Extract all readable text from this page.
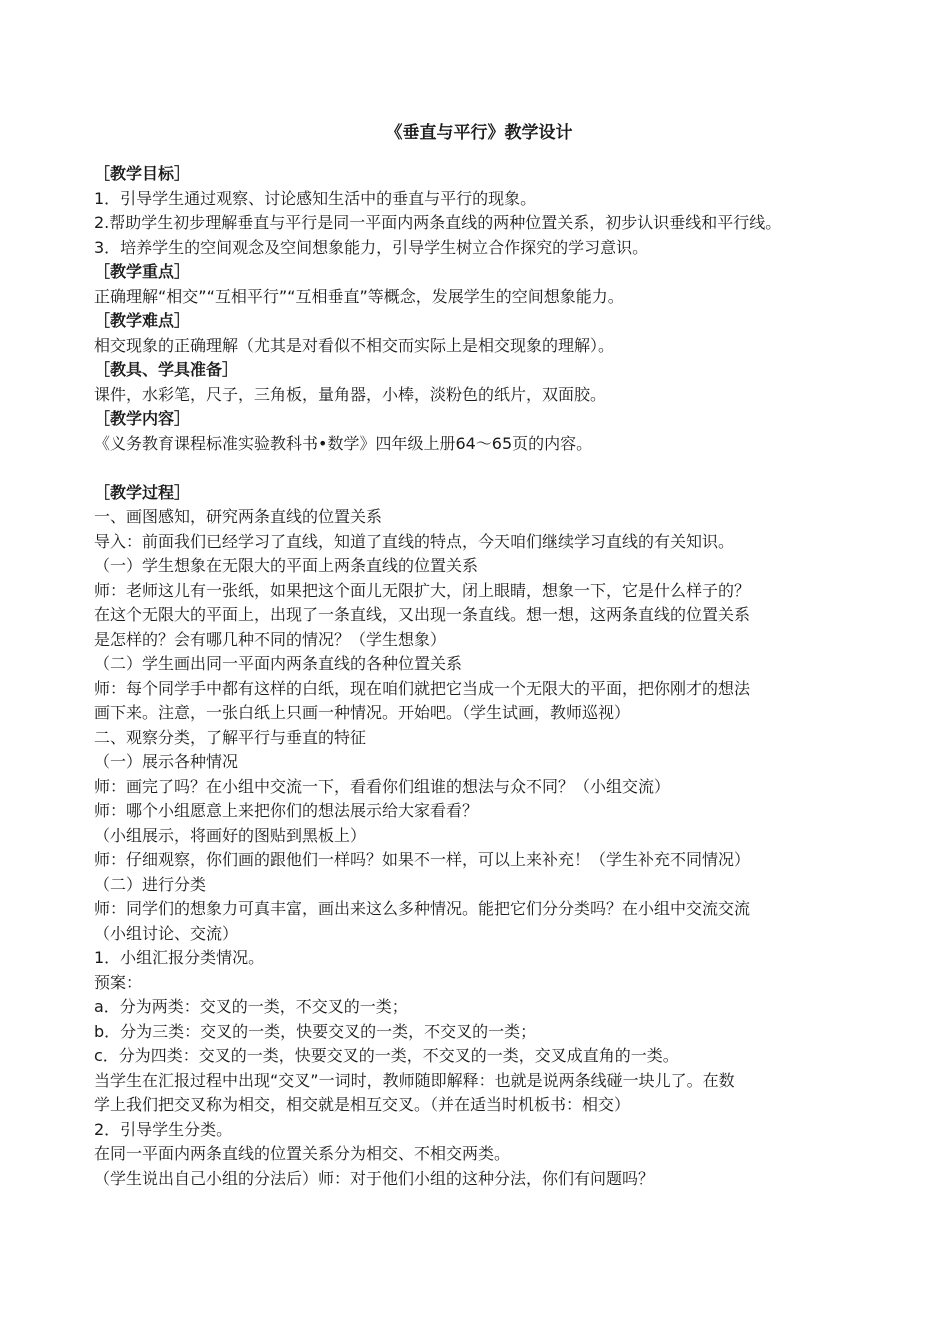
《垂直与平行》教学设计
［教学目标］
1．引导学生通过观察、讨论感知生活中的垂直与平行的现象。
2.帮助学生初步理解垂直与平行是同一平面内两条直线的两种位置关系，初步认识垂线和平行线。
3．培养学生的空间观念及空间想象能力，引导学生树立合作探究的学习意识。
［教学重点］
正确理解“相交”“互相平行”“互相垂直”等概念，发展学生的空间想象能力。
［教学难点］
相交现象的正确理解（尤其是对看似不相交而实际上是相交现象的理解）。
［教具、学具准备］
课件，水彩笔，尺子，三角板，量角器，小棒，淡粉色的纸片，双面胶。
［教学内容］
《义务教育课程标准实验教科书•数学》四年级上册64～65页的内容。
［教学过程］
一、画图感知，研究两条直线的位置关系
导入：前面我们已经学习了直线，知道了直线的特点，今天咱们继续学习直线的有关知识。
（一）学生想象在无限大的平面上两条直线的位置关系
师：老师这儿有一张纸，如果把这个面儿无限扩大，闭上眼睛，想象一下，它是什么样子的？
在这个无限大的平面上，出现了一条直线，又出现一条直线。想一想，这两条直线的位置关系
是怎样的？会有哪几种不同的情况？（学生想象）
（二）学生画出同一平面内两条直线的各种位置关系
师：每个同学手中都有这样的白纸，现在咱们就把它当成一个无限大的平面，把你刚才的想法
画下来。注意，一张白纸上只画一种情况。开始吧。（学生试画，教师巡视）
二、观察分类，了解平行与垂直的特征
（一）展示各种情况
师：画完了吗？在小组中交流一下，看看你们组谁的想法与众不同？（小组交流）
师：哪个小组愿意上来把你们的想法展示给大家看看？
（小组展示，将画好的图贴到黑板上）
师：仔细观察，你们画的跟他们一样吗？如果不一样，可以上来补充！（学生补充不同情况）
（二）进行分类
师：同学们的想象力可真丰富，画出来这么多种情况。能把它们分分类吗？在小组中交流交流
（小组讨论、交流）
1．小组汇报分类情况。
预案：
a．分为两类：交叉的一类，不交叉的一类；
b．分为三类：交叉的一类，快要交叉的一类，不交叉的一类；
c．分为四类：交叉的一类，快要交叉的一类，不交叉的一类，交叉成直角的一类。
当学生在汇报过程中出现“交叉”一词时，教师随即解释：也就是说两条线碰一块儿了。在数
学上我们把交叉称为相交，相交就是相互交叉。（并在适当时机板书：相交）
2．引导学生分类。
在同一平面内两条直线的位置关系分为相交、不相交两类。
（学生说出自己小组的分法后）师：对于他们小组的这种分法，你们有问题吗？
